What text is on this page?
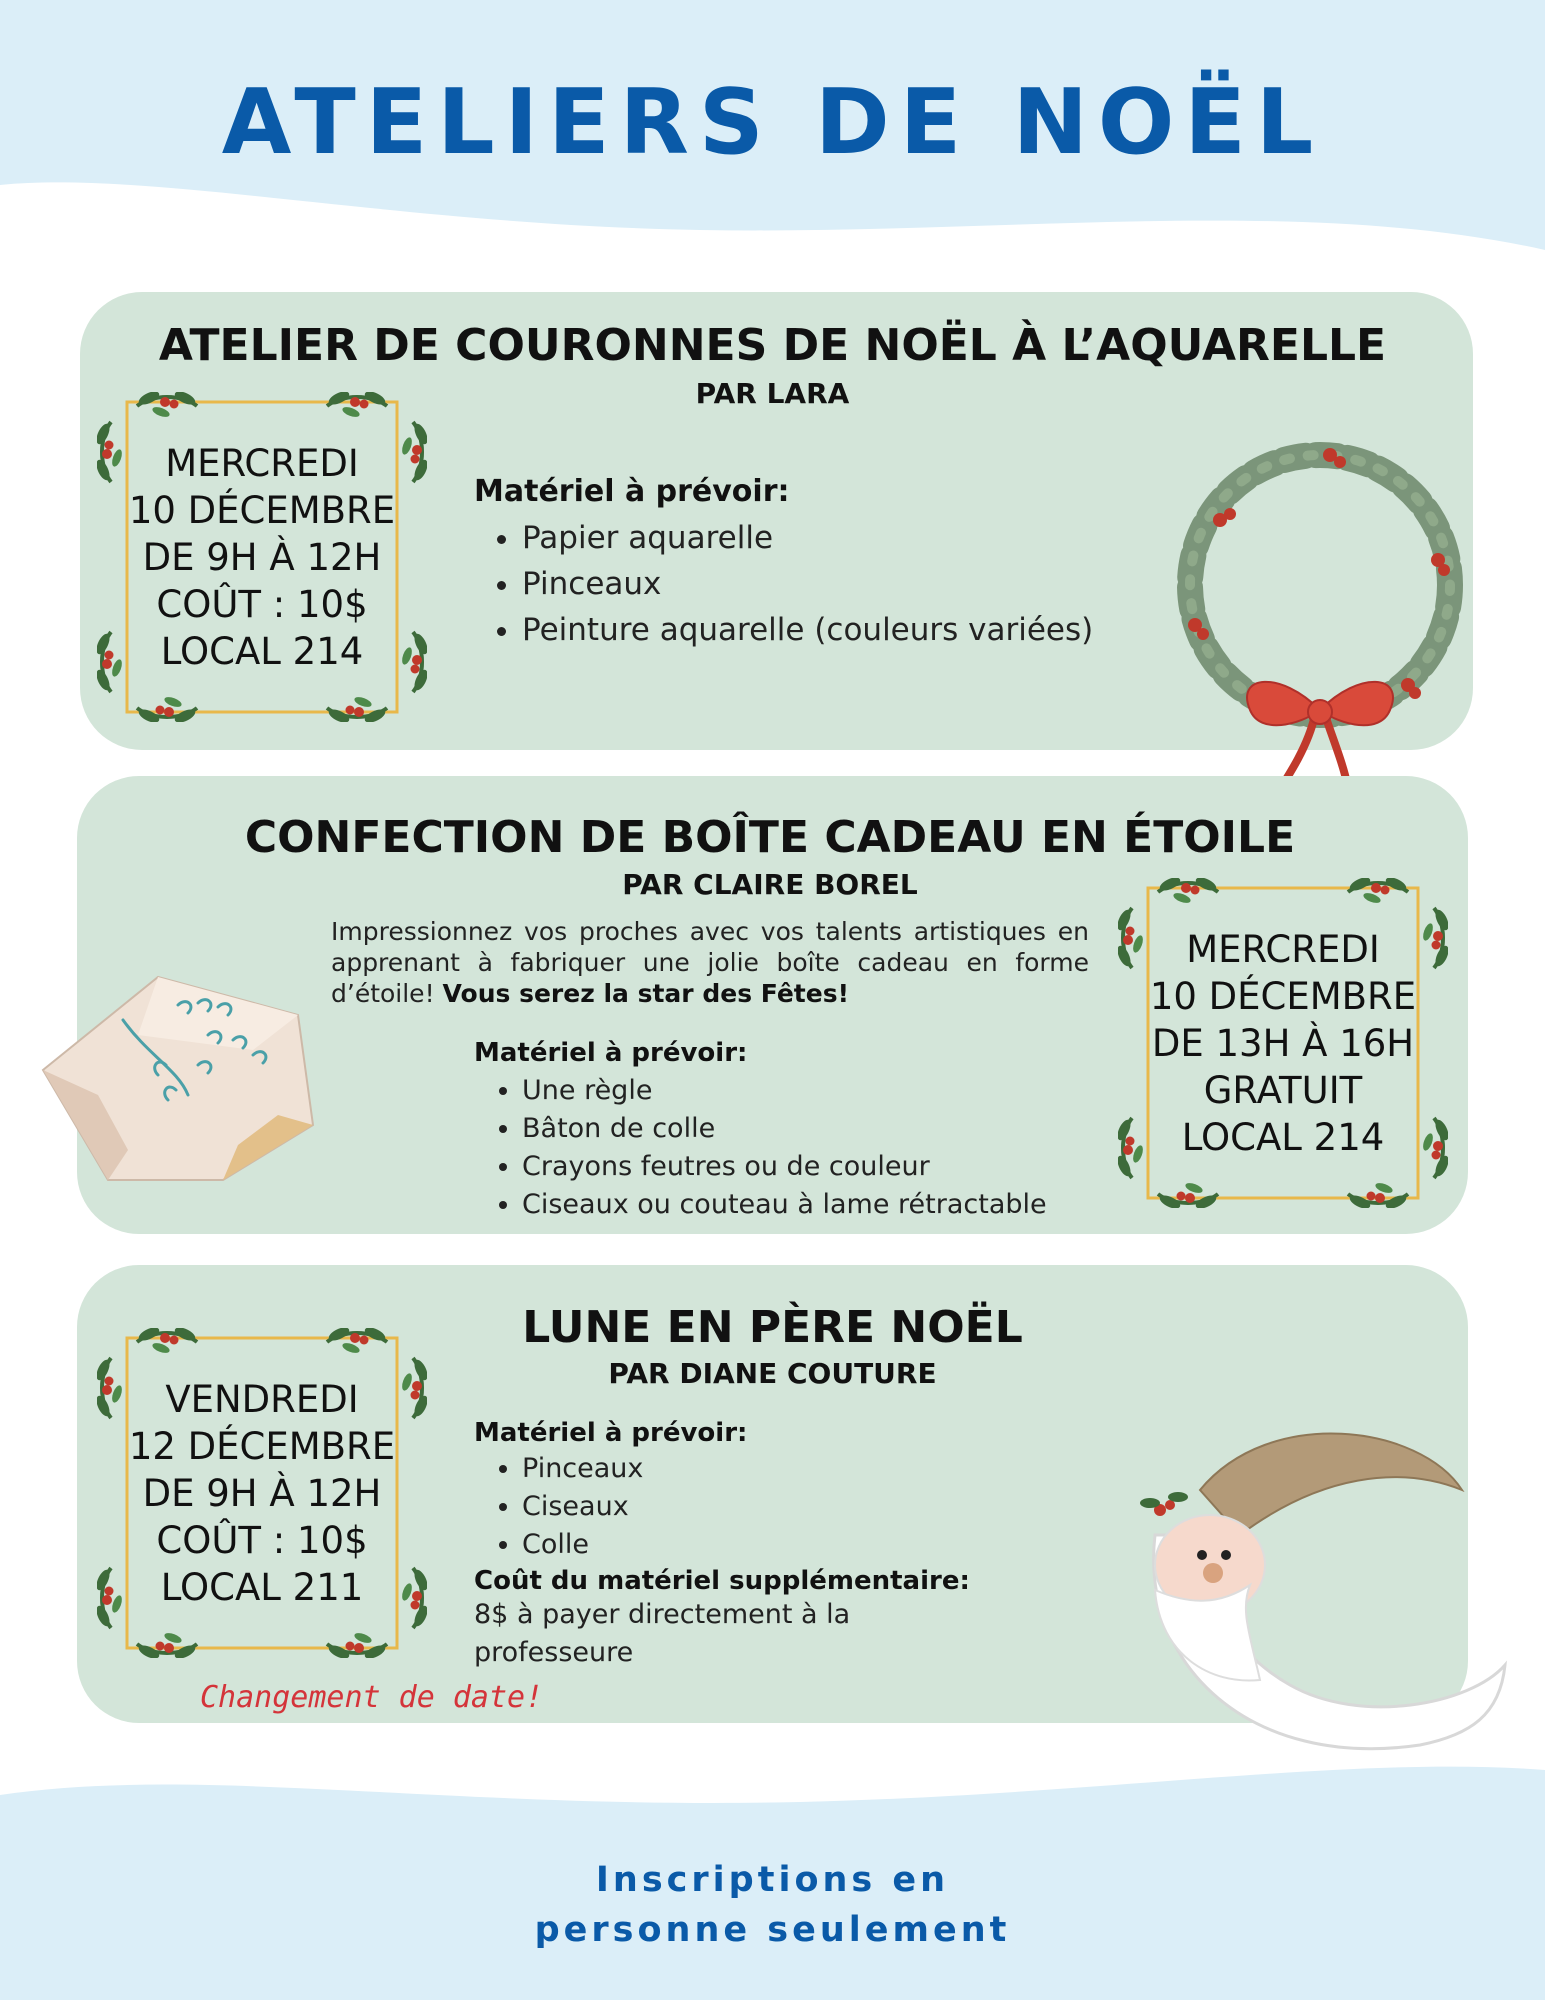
ATELIERS DE NOËL
ATELIER DE COURONNES DE NOËL À L’AQUARELLE
PAR LARA
MERCREDI
10 DÉCEMBRE
DE 9H À 12H
COÛT : 10$
LOCAL 214
Matériel à prévoir:
• Papier aquarelle
• Pinceaux
• Peinture aquarelle (couleurs variées)
CONFECTION DE BOÎTE CADEAU EN ÉTOILE
PAR CLAIRE BOREL
Impressionnez vos proches avec vos talents artistiques en apprenant à fabriquer une jolie boîte cadeau en forme d’étoile! Vous serez la star des Fêtes!
Matériel à prévoir:
• Une règle
• Bâton de colle
• Crayons feutres ou de couleur
• Ciseaux ou couteau à lame rétractable
MERCREDI
10 DÉCEMBRE
DE 13H À 16H
GRATUIT
LOCAL 214
LUNE EN PÈRE NOËL
PAR DIANE COUTURE
VENDREDI
12 DÉCEMBRE
DE 9H À 12H
COÛT : 10$
LOCAL 211
Matériel à prévoir:
• Pinceaux
• Ciseaux
• Colle
Coût du matériel supplémentaire:
8$ à payer directement à la
professeure
Changement de date!
Inscriptions en
personne seulement
